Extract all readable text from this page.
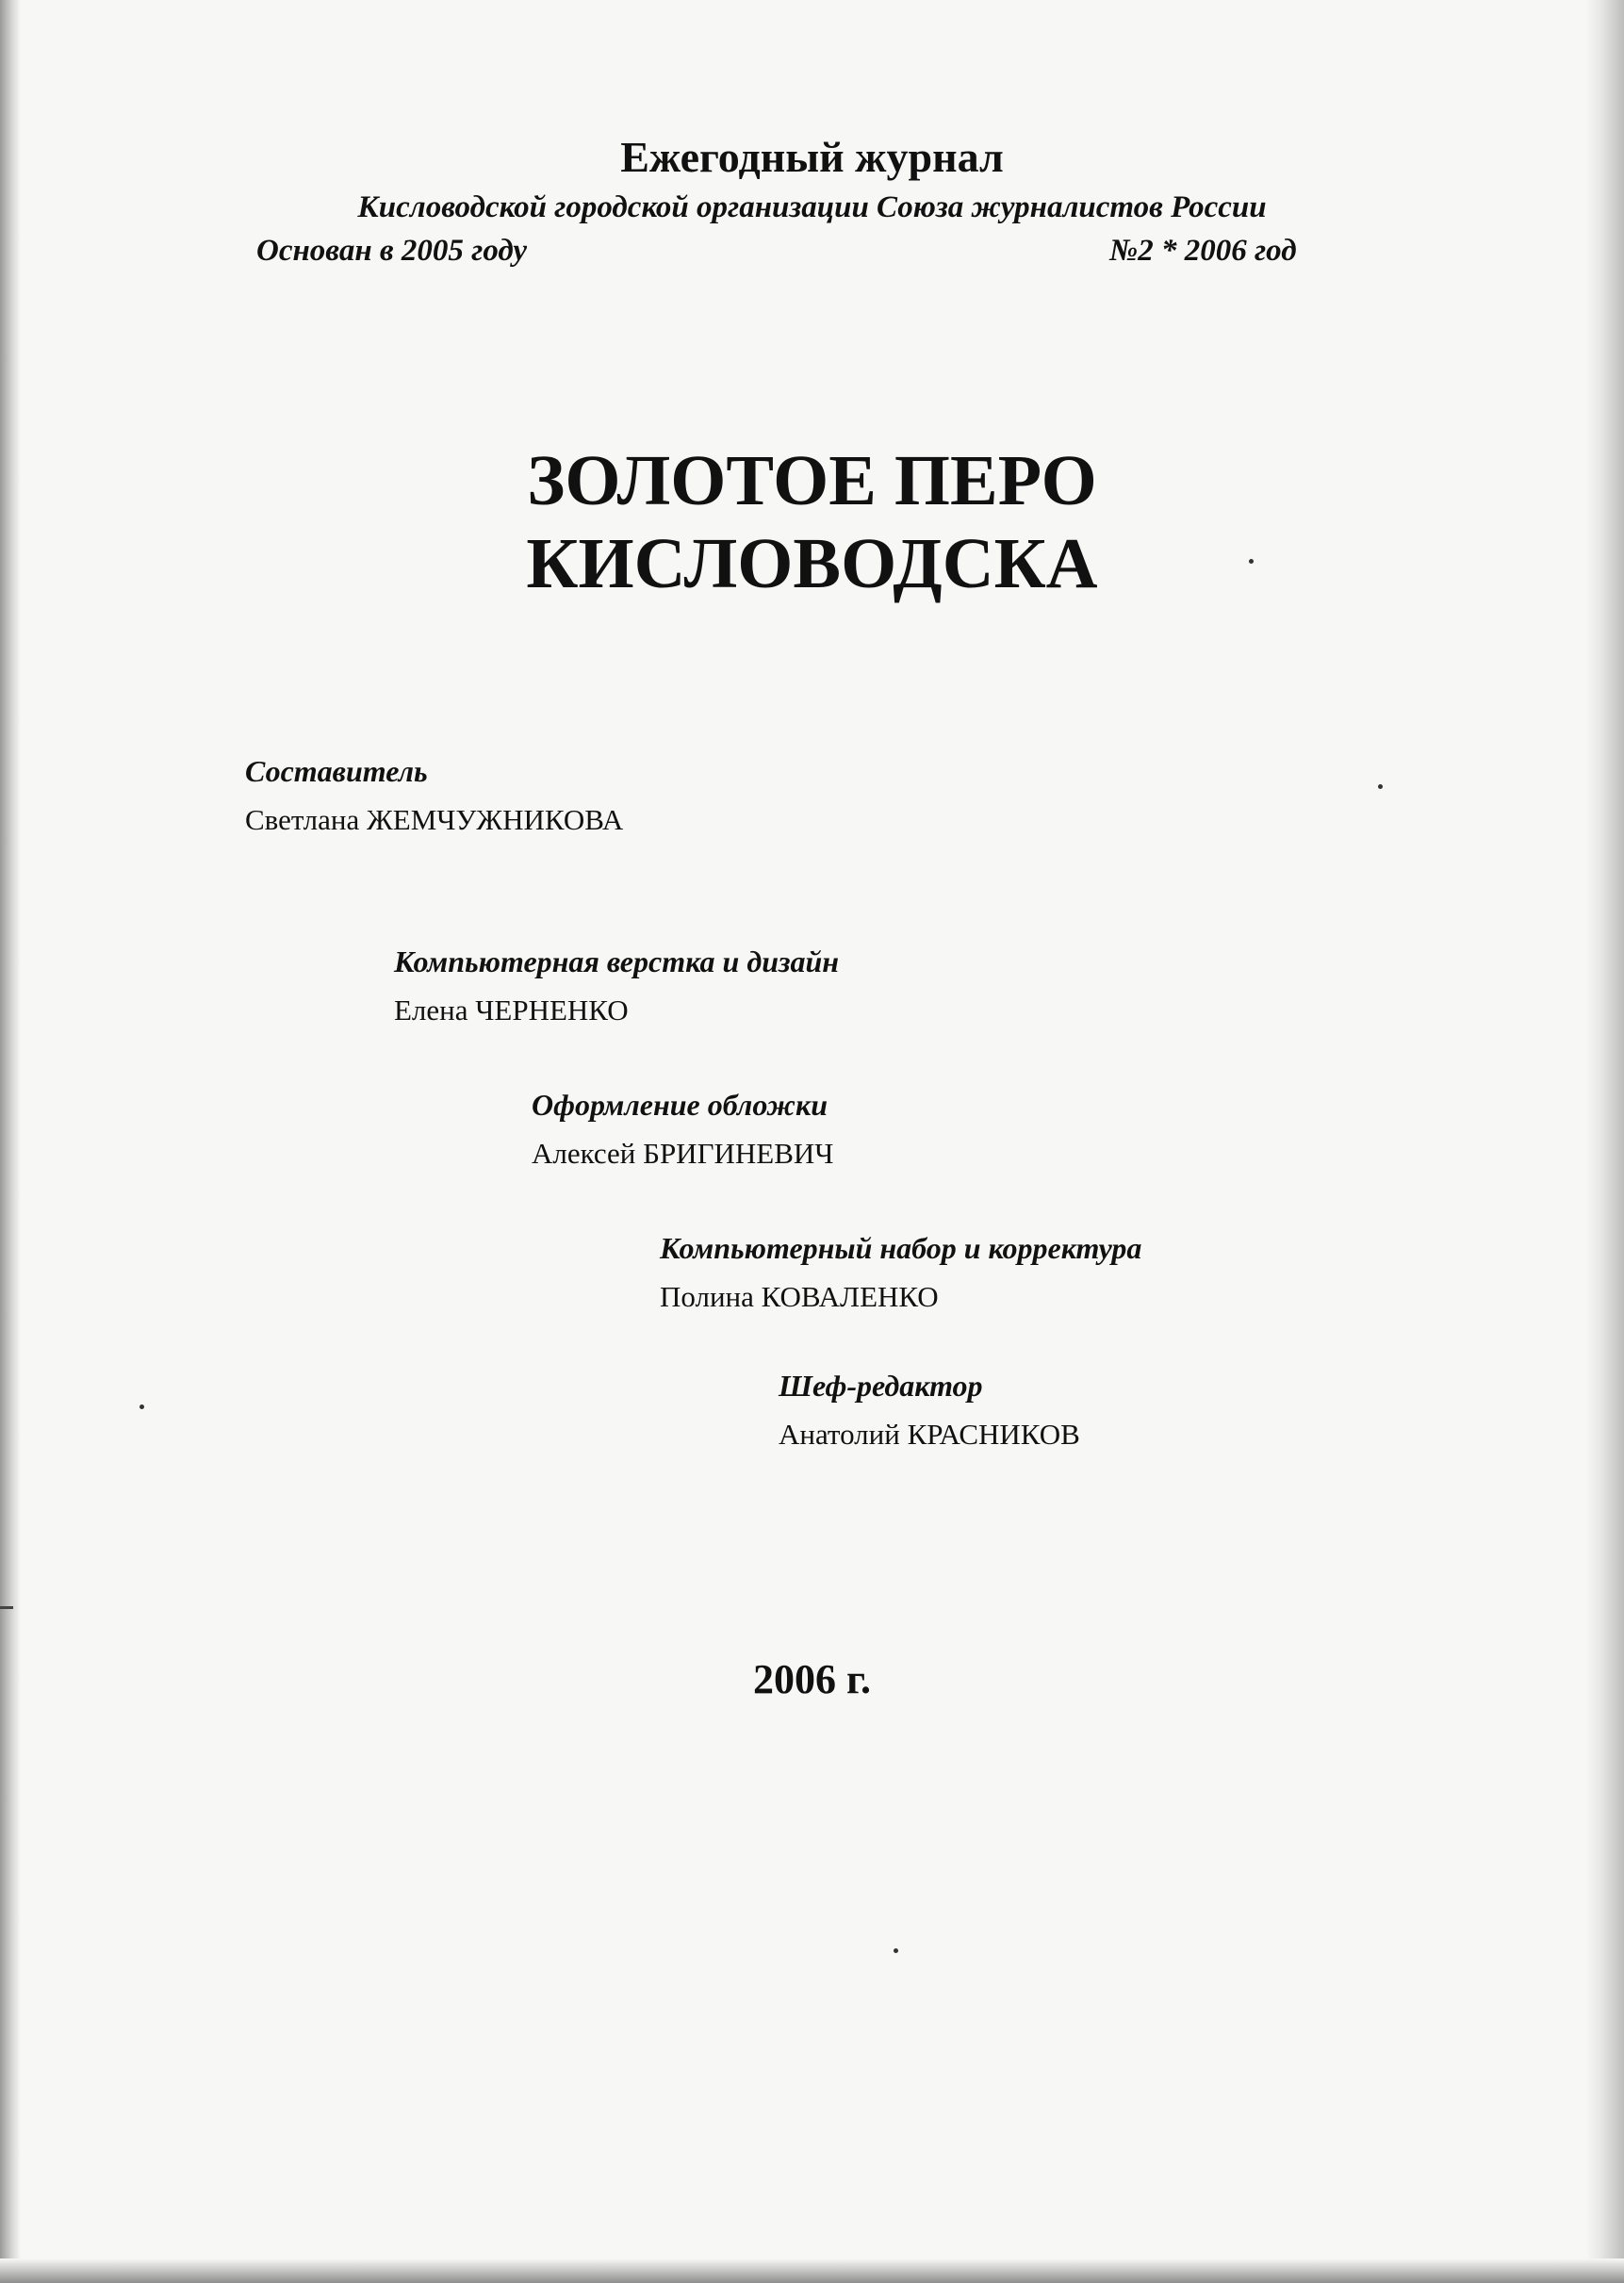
Ежегодный журнал
Кисловодской городской организации Союза журналистов России
Основан в 2005 году	№2 * 2006 год
ЗОЛОТОЕ ПЕРО
КИСЛОВОДСКА
Составитель
Светлана ЖЕМЧУЖНИКОВА
Компьютерная верстка и дизайн
Елена ЧЕРНЕНКО
Оформление обложки
Алексей БРИГИНЕВИЧ
Компьютерный набор и корректура
Полина КОВАЛЕНКО
Шеф-редактор
Анатолий КРАСНИКОВ
2006 г.
